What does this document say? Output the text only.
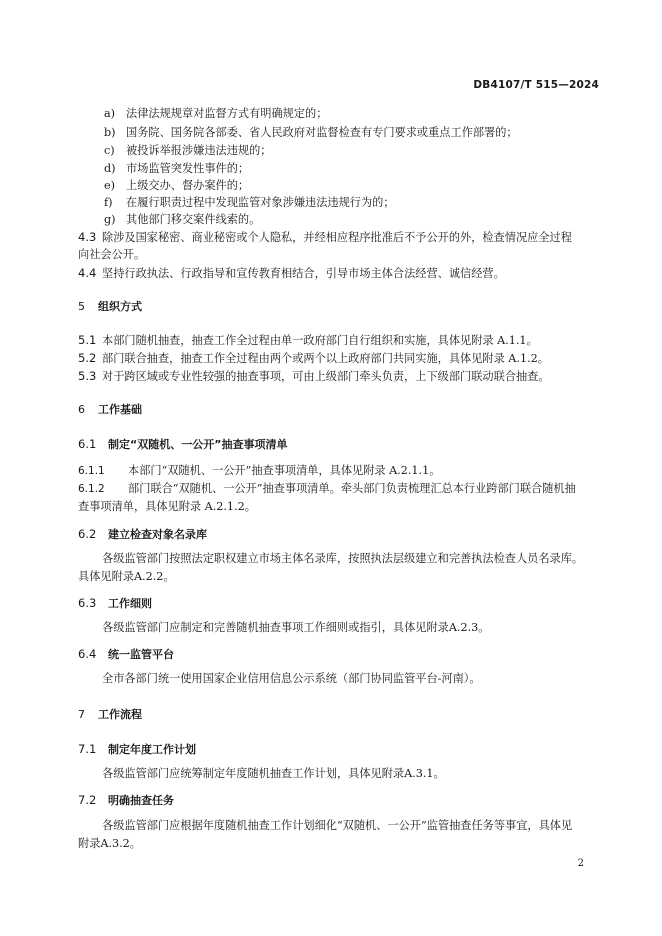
DB4107/T 515—2024
a) 法律法规规章对监督方式有明确规定的；
b) 国务院、国务院各部委、省人民政府对监督检查有专门要求或重点工作部署的；
c) 被投诉举报涉嫌违法违规的；
d) 市场监管突发性事件的；
e) 上级交办、督办案件的；
f) 在履行职责过程中发现监管对象涉嫌违法违规行为的；
g) 其他部门移交案件线索的。
4.3 除涉及国家秘密、商业秘密或个人隐私，并经相应程序批准后不予公开的外，检查情况应全过程
向社会公开。
4.4 坚持行政执法、行政指导和宣传教育相结合，引导市场主体合法经营、诚信经营。
5 组织方式
5.1 本部门随机抽查，抽查工作全过程由单一政府部门自行组织和实施，具体见附录 A.1.1。
5.2 部门联合抽查，抽查工作全过程由两个或两个以上政府部门共同实施，具体见附录 A.1.2。
5.3 对于跨区域或专业性较强的抽查事项，可由上级部门牵头负责，上下级部门联动联合抽查。
6 工作基础
6.1 制定“双随机、一公开”抽查事项清单
6.1.1 本部门“双随机、一公开”抽查事项清单，具体见附录 A.2.1.1。
6.1.2 部门联合“双随机、一公开”抽查事项清单。牵头部门负责梳理汇总本行业跨部门联合随机抽
查事项清单，具体见附录 A.2.1.2。
6.2 建立检查对象名录库
各级监管部门按照法定职权建立市场主体名录库，按照执法层级建立和完善执法检查人员名录库。
具体见附录A.2.2。
6.3 工作细则
各级监管部门应制定和完善随机抽查事项工作细则或指引，具体见附录A.2.3。
6.4 统一监管平台
全市各部门统一使用国家企业信用信息公示系统（部门协同监管平台-河南）。
7 工作流程
7.1 制定年度工作计划
各级监管部门应统筹制定年度随机抽查工作计划，具体见附录A.3.1。
7.2 明确抽查任务
各级监管部门应根据年度随机抽查工作计划细化“双随机、一公开”监管抽查任务等事宜，具体见
附录A.3.2。
2
